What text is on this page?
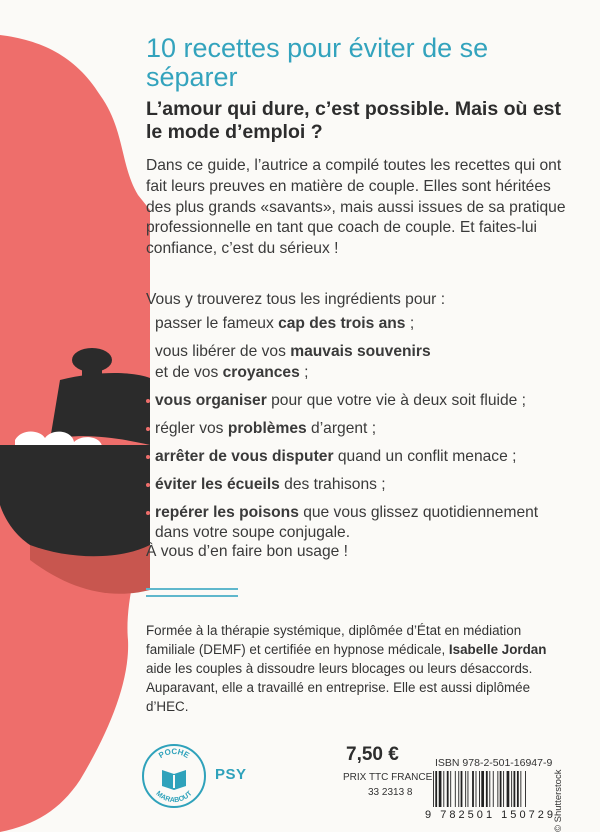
10 recettes pour éviter de se séparer
L’amour qui dure, c’est possible. Mais où est le mode d’emploi ?

Dans ce guide, l’autrice a compilé toutes les recettes qui ont fait leurs preuves en matière de couple. Elles sont héritées des plus grands «savants», mais aussi issues de sa pratique professionnelle en tant que coach de couple. Et faites-lui confiance, c’est du sérieux !

Vous y trouverez tous les ingrédients pour :

passer le fameux cap des trois ans ;
vous libérer de vos mauvais souvenirs
et de vos croyances ;
vous organiser pour que votre vie à deux soit fluide ;
régler vos problèmes d’argent ;
arrêter de vous disputer quand un conflit menace ;
éviter les écueils des trahisons ;
repérer les poisons que vous glissez quotidiennement dans votre soupe conjugale.

À vous d’en faire bon usage !

Formée à la thérapie systémique, diplômée d’État en médiation familiale (DEMF) et certifiée en hypnose médicale, Isabelle Jordan aide les couples à dissoudre leurs blocages ou leurs désaccords. Auparavant, elle a travaillé en entreprise. Elle est aussi diplômée d’HEC.

POCHE
MARABOUT
PSY
7,50 €
PRIX TTC FRANCE
33 2313 8
ISBN 978-2-501-16947-9
9 782501 150729 © Shutterstock
